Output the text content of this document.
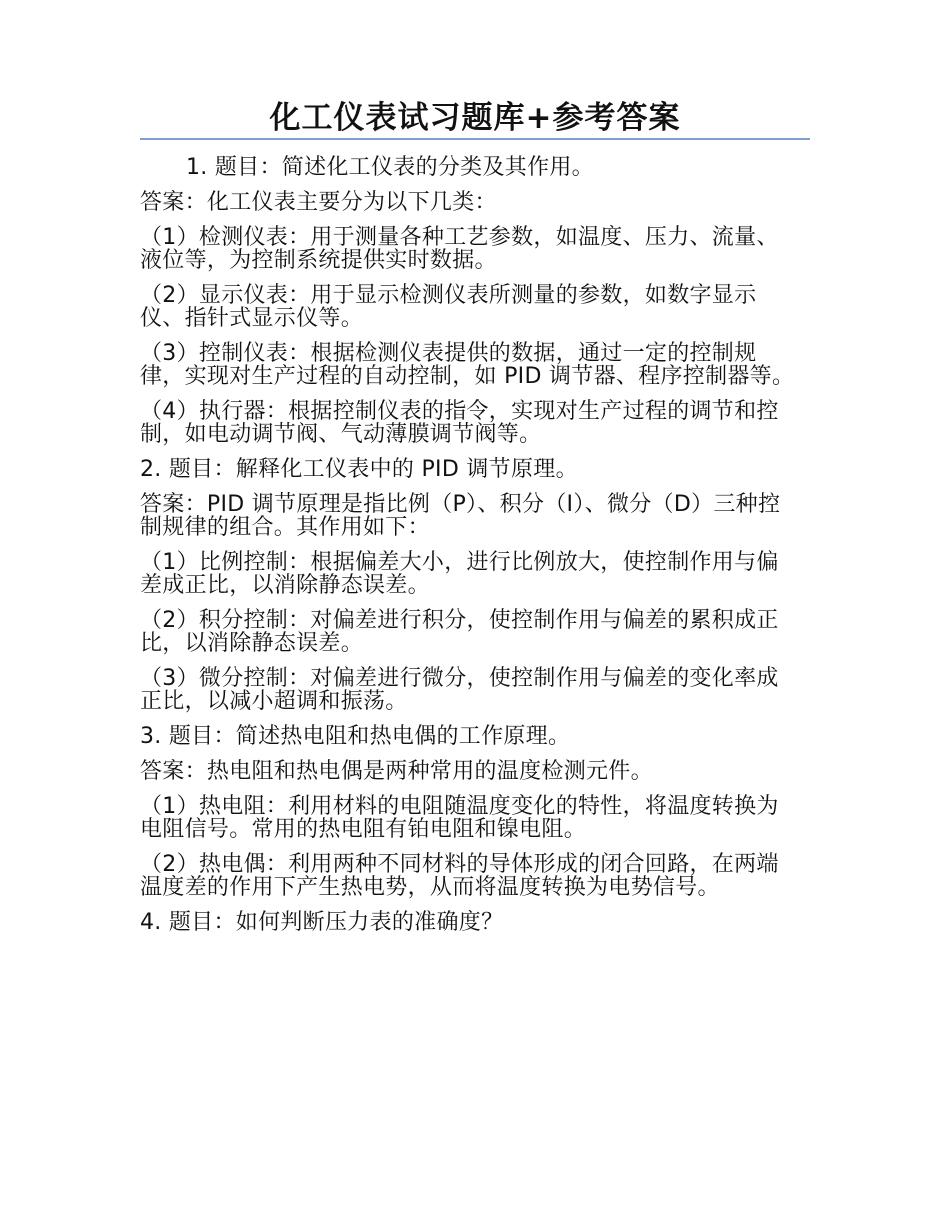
化工仪表试习题库+参考答案

1. 题目：简述化工仪表的分类及其作用。

答案：化工仪表主要分为以下几类：

（1）检测仪表：用于测量各种工艺参数，如温度、压力、流量、液位等，为控制系统提供实时数据。

（2）显示仪表：用于显示检测仪表所测量的参数，如数字显示仪、指针式显示仪等。

（3）控制仪表：根据检测仪表提供的数据，通过一定的控制规律，实现对生产过程的自动控制，如 PID 调节器、程序控制器等。

（4）执行器：根据控制仪表的指令，实现对生产过程的调节和控制，如电动调节阀、气动薄膜调节阀等。

2. 题目：解释化工仪表中的 PID 调节原理。

答案：PID 调节原理是指比例（P）、积分（I）、微分（D）三种控制规律的组合。其作用如下：

（1）比例控制：根据偏差大小，进行比例放大，使控制作用与偏差成正比，以消除静态误差。

（2）积分控制：对偏差进行积分，使控制作用与偏差的累积成正比，以消除静态误差。

（3）微分控制：对偏差进行微分，使控制作用与偏差的变化率成正比，以减小超调和振荡。

3. 题目：简述热电阻和热电偶的工作原理。

答案：热电阻和热电偶是两种常用的温度检测元件。

（1）热电阻：利用材料的电阻随温度变化的特性，将温度转换为电阻信号。常用的热电阻有铂电阻和镍电阻。

（2）热电偶：利用两种不同材料的导体形成的闭合回路，在两端温度差的作用下产生热电势，从而将温度转换为电势信号。

4. 题目：如何判断压力表的准确度？
